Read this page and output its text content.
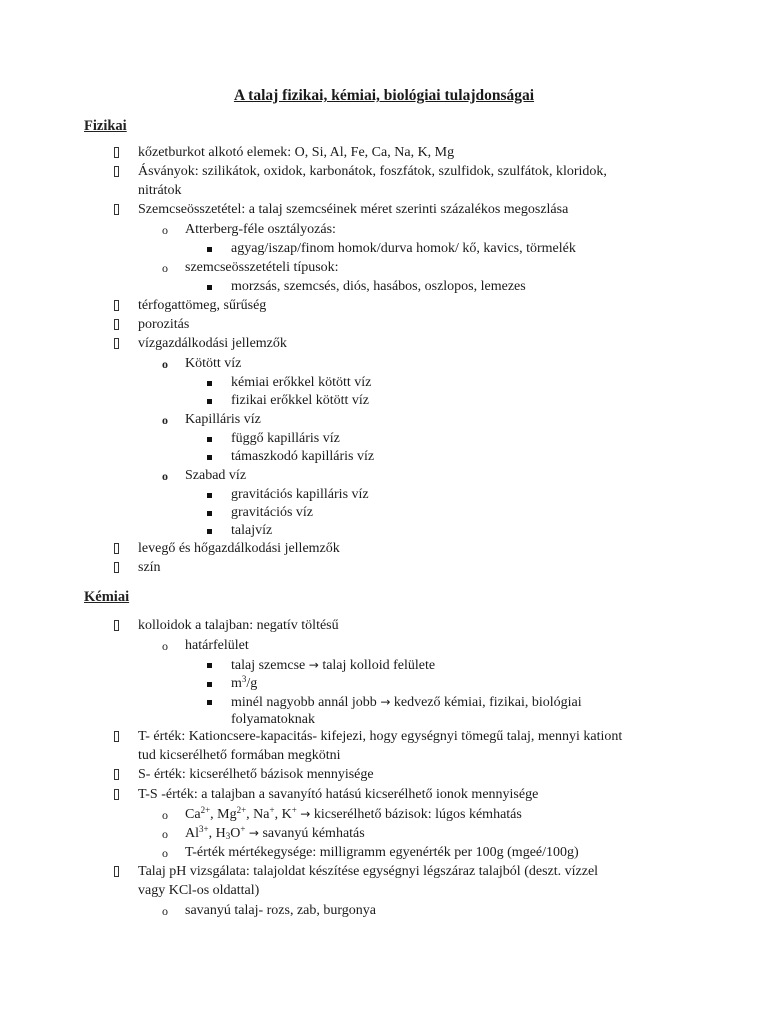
A talaj fizikai, kémiai, biológiai tulajdonságai
Fizikai
kőzetburkot alkotó elemek: O, Si, Al, Fe, Ca, Na, K, Mg
Ásványok: szilikátok, oxidok, karbonátok, foszfátok, szulfidok, szulfátok, kloridok,
nitrátok
Szemcseösszetétel: a talaj szemcséinek méret szerinti százalékos megoszlása
o Atterberg-féle osztályozás:
agyag/iszap/finom homok/durva homok/ kő, kavics, törmelék
o szemcseösszetételi típusok:
morzsás, szemcsés, diós, hasábos, oszlopos, lemezes
térfogattömeg, sűrűség
porozitás
vízgazdálkodási jellemzők
o Kötött víz
kémiai erőkkel kötött víz
fizikai erőkkel kötött víz
o Kapilláris víz
függő kapilláris víz
támaszkodó kapilláris víz
o Szabad víz
gravitációs kapilláris víz
gravitációs víz
talajvíz
levegő és hőgazdálkodási jellemzők
szín
Kémiai
kolloidok a talajban: negatív töltésű
o határfelület
talaj szemcse → talaj kolloid felülete
$m^3/g$
minél nagyobb annál jobb → kedvező kémiai, fizikai, biológiai
folyamatoknak
T- érték: Kationcsere-kapacitás- kifejezi, hogy egységnyi tömegű talaj, mennyi kationt
tud kicserélhető formában megkötni
S- érték: kicserélhető bázisok mennyisége
T-S -érték: a talajban a savanyító hatású kicserélhető ionok mennyisége
o $Ca^{2+}$, $Mg^{2+}$, Na+, K+ → kicserélhető bázisok: lúgos kémhatás
o $Al^{3+}$, $H_3O^+$ → savanyú kémhatás
o T-érték mértékegysége: milligramm egyenérték per 100g (mgeé/100g)
Talaj pH vizsgálata: talajoldat készítése egységnyi légszáraz talajból (deszt. vízzel
vagy KCl-os oldattal)
o savanyú talaj- rozs, zab, burgonya
